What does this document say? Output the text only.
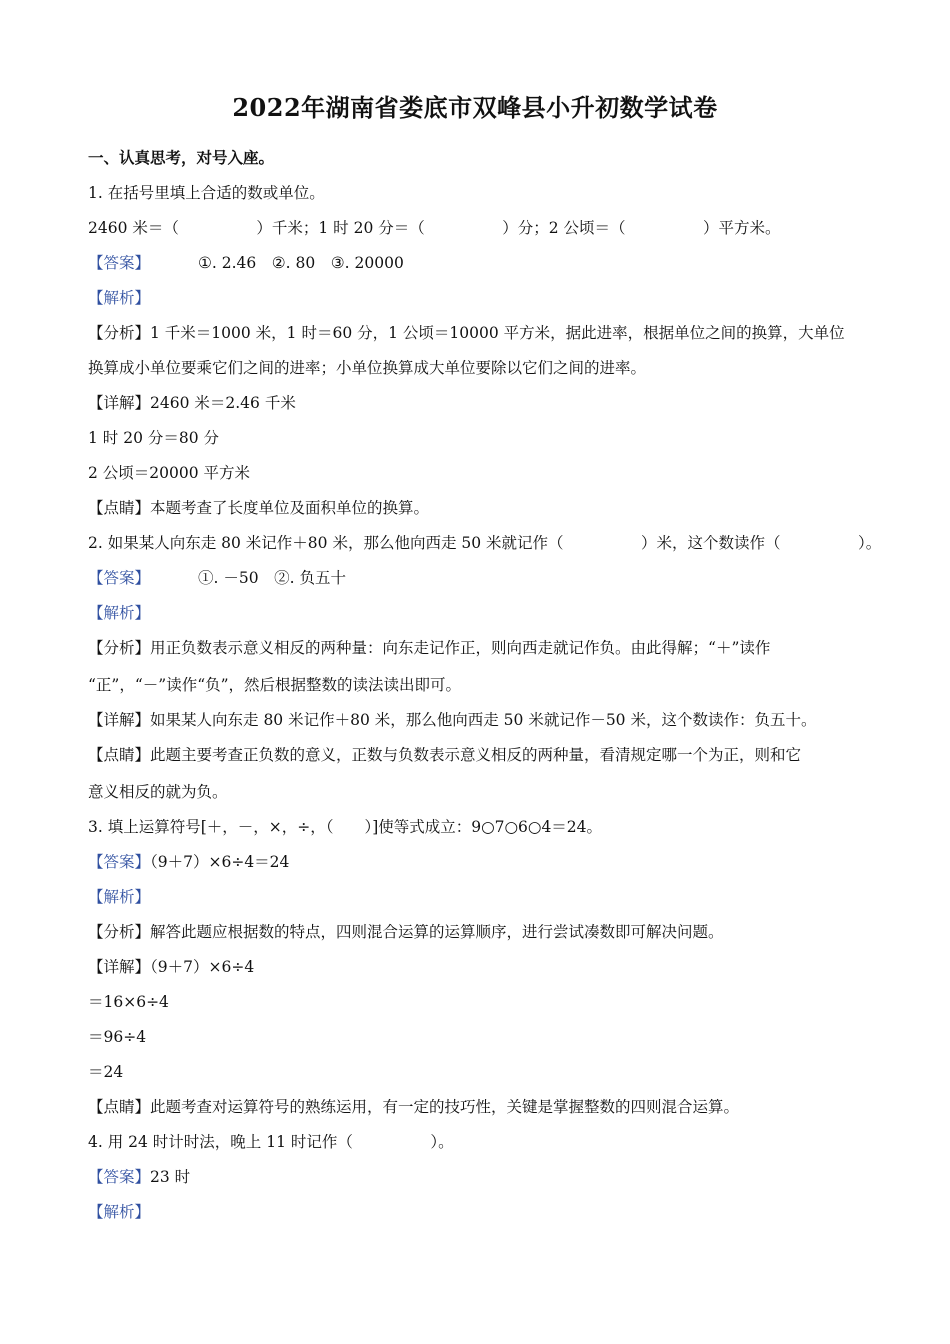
2022年湖南省娄底市双峰县小升初数学试卷
一、认真思考，对号入座。
1. 在括号里填上合适的数或单位。
2460 米＝（　　　　　）千米；1 时 20 分＝（　　　　　）分；2 公顷＝（　　　　　）平方米。
【答案】	①. 2.46　②. 80　③. 20000
【解析】
【分析】1 千米＝1000 米，1 时＝60 分，1 公顷＝10000 平方米，据此进率，根据单位之间的换算，大单位
换算成小单位要乘它们之间的进率；小单位换算成大单位要除以它们之间的进率。
【详解】2460 米＝2.46 千米
1 时 20 分＝80 分
2 公顷＝20000 平方米
【点睛】本题考查了长度单位及面积单位的换算。
2. 如果某人向东走 80 米记作＋80 米，那么他向西走 50 米就记作（　　　　　）米，这个数读作（　　　　　）。
【答案】	①. －50　②. 负五十
【解析】
【分析】用正负数表示意义相反的两种量：向东走记作正，则向西走就记作负。由此得解；“＋”读作
“正”，“－”读作“负”，然后根据整数的读法读出即可。
【详解】如果某人向东走 80 米记作＋80 米，那么他向西走 50 米就记作－50 米，这个数读作：负五十。
【点睛】此题主要考查正负数的意义，正数与负数表示意义相反的两种量，看清规定哪一个为正，则和它
意义相反的就为负。
3. 填上运算符号[＋，－，×，÷，（　　）]使等式成立：9○7○6○4＝24。
【答案】（9＋7）×6÷4＝24
【解析】
【分析】解答此题应根据数的特点，四则混合运算的运算顺序，进行尝试凑数即可解决问题。
【详解】（9＋7）×6÷4
＝16×6÷4
＝96÷4
＝24
【点睛】此题考查对运算符号的熟练运用，有一定的技巧性，关键是掌握整数的四则混合运算。
4. 用 24 时计时法，晚上 11 时记作（　　　　　）。
【答案】23 时
【解析】
